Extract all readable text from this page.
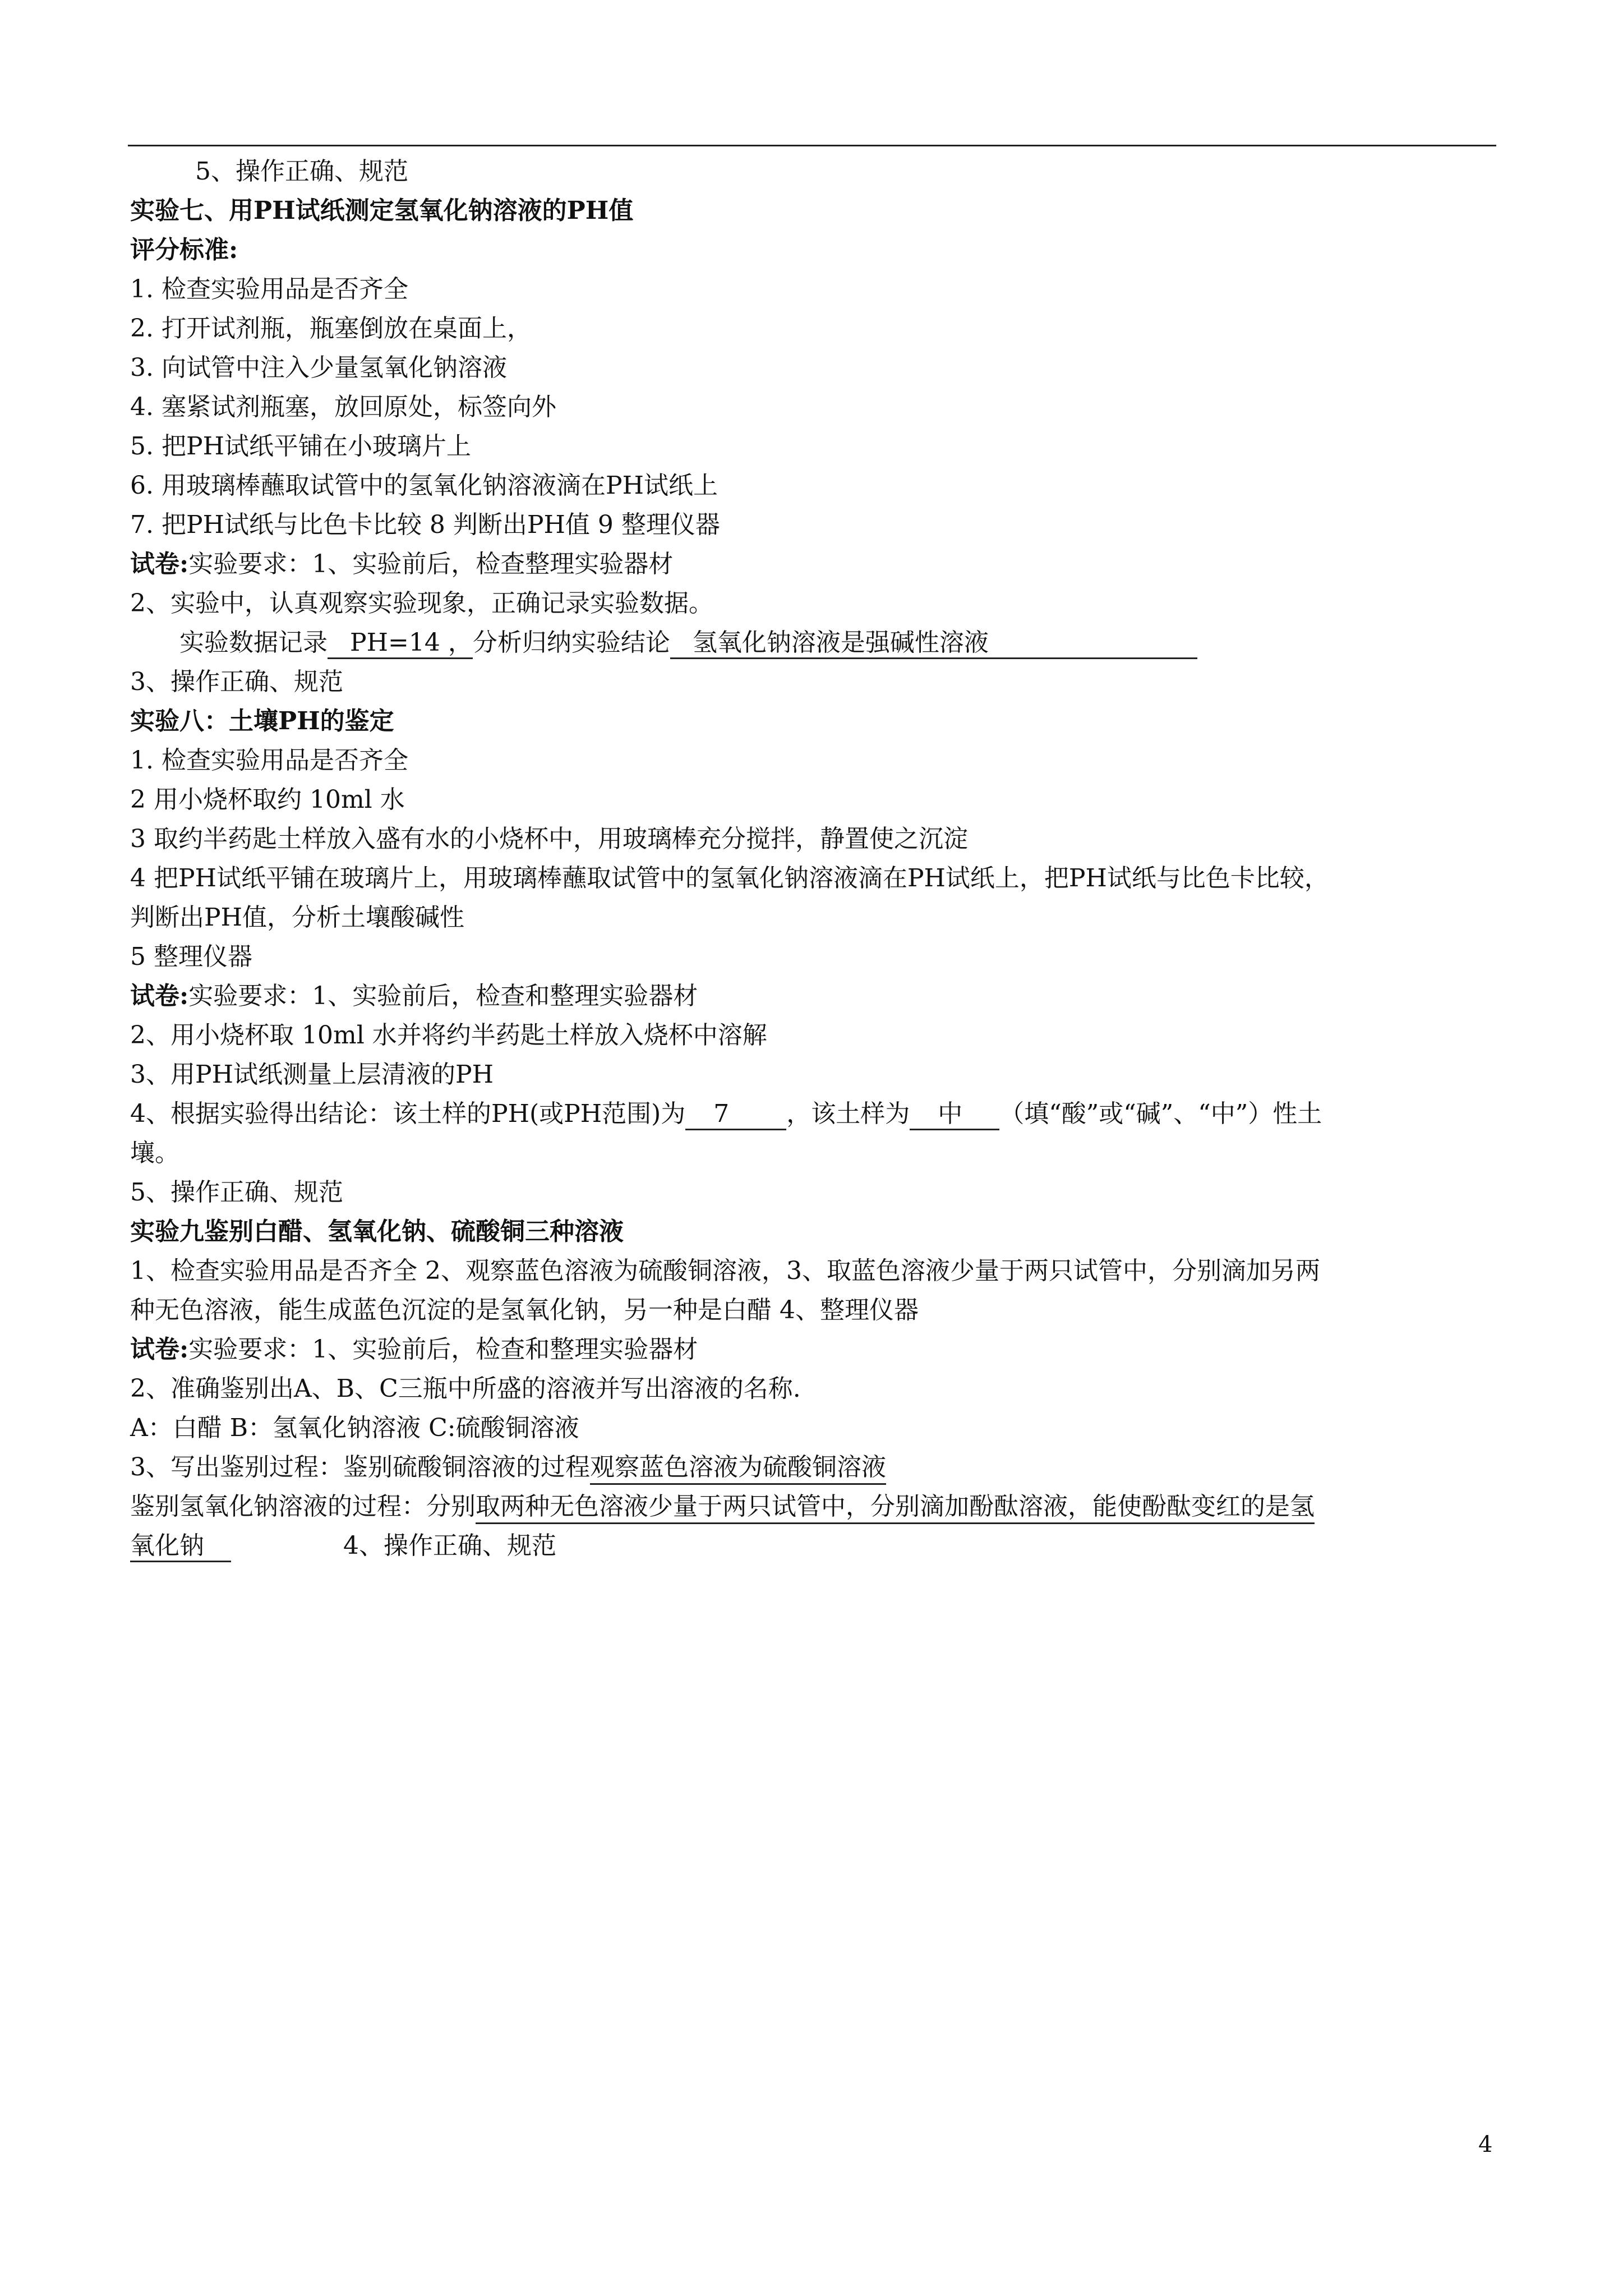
5、操作正确、规范
实验七、用PH试纸测定氢氧化钠溶液的PH值
评分标准:
1. 检查实验用品是否齐全
2. 打开试剂瓶，瓶塞倒放在桌面上，
3. 向试管中注入少量氢氧化钠溶液
4. 塞紧试剂瓶塞，放回原处，标签向外
5. 把PH试纸平铺在小玻璃片上
6. 用玻璃棒蘸取试管中的氢氧化钠溶液滴在PH试纸上
7. 把PH试纸与比色卡比较 8 判断出PH值 9 整理仪器
试卷:实验要求：1、实验前后，检查整理实验器材
2、实验中，认真观察实验现象，正确记录实验数据。
实验数据记录 PH=14 ，分析归纳实验结论 氢氧化钠溶液是强碱性溶液
3、操作正确、规范
实验八：土壤PH的鉴定
1. 检查实验用品是否齐全
2 用小烧杯取约 10ml 水
3 取约半药匙土样放入盛有水的小烧杯中，用玻璃棒充分搅拌，静置使之沉淀
4 把PH试纸平铺在玻璃片上，用玻璃棒蘸取试管中的氢氧化钠溶液滴在PH试纸上，把PH试纸与比色卡比较，
判断出PH值，分析土壤酸碱性
5 整理仪器
试卷:实验要求：1、实验前后，检查和整理实验器材
2、用小烧杯取 10ml 水并将约半药匙土样放入烧杯中溶解
3、用PH试纸测量上层清液的PH
4、根据实验得出结论：该土样的PH(或PH范围)为 7 ，该土样为 中 （填“酸”或“碱”、“中”）性土
壤。
5、操作正确、规范
实验九鉴别白醋、氢氧化钠、硫酸铜三种溶液
1、检查实验用品是否齐全 2、观察蓝色溶液为硫酸铜溶液，3、取蓝色溶液少量于两只试管中，分别滴加另两
种无色溶液，能生成蓝色沉淀的是氢氧化钠，另一种是白醋 4、整理仪器
试卷:实验要求：1、实验前后，检查和整理实验器材
2、准确鉴别出A、B、C三瓶中所盛的溶液并写出溶液的名称.
A：白醋 B：氢氧化钠溶液 C:硫酸铜溶液
3、写出鉴别过程：鉴别硫酸铜溶液的过程观察蓝色溶液为硫酸铜溶液
鉴别氢氧化钠溶液的过程：分别取两种无色溶液少量于两只试管中，分别滴加酚酞溶液，能使酚酞变红的是氢
氧化钠	4、操作正确、规范
4
